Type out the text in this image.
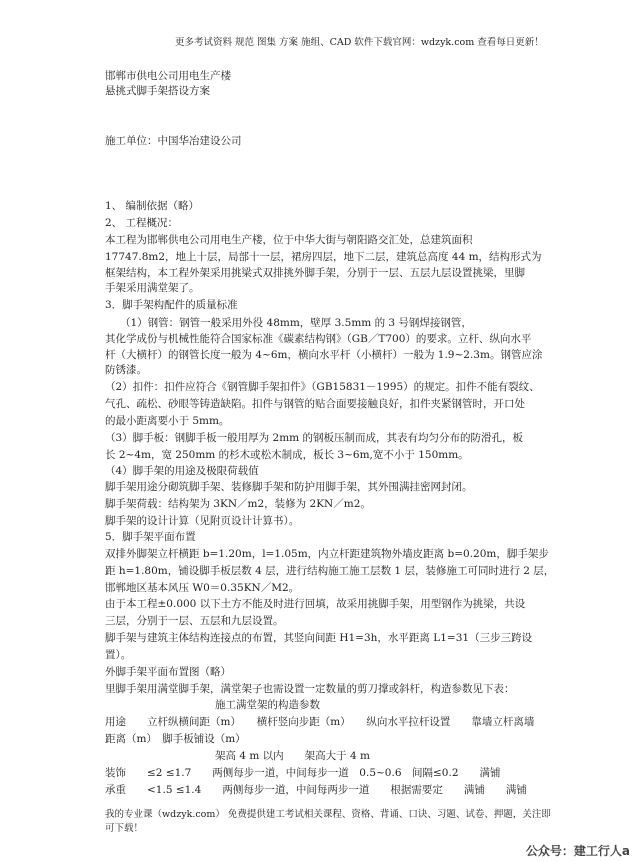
更多考试资料 规范 图集 方案 施组、CAD 软件下载官网：wdzyk.com 查看每日更新！
邯郸市供电公司用电生产楼
悬挑式脚手架搭设方案
施工单位：中国华冶建设公司
1、 编制依据（略）
2、 工程概况：
本工程为邯郸供电公司用电生产楼，位于中华大街与朝阳路交汇处，总建筑面积
17747.8m2，地上十层，局部十一层，裙房四层，地下二层，建筑总高度 44 m，结构形式为
框架结构，本工程外架采用挑梁式双排挑外脚手架，分别于一层、五层九层设置挑梁，里脚
手架采用满堂架了。
3．脚手架构配件的质量标准
（1）钢管：钢管一般采用外役 48mm，壁厚 3.5mm 的 3 号钢焊接钢管，
其化学成份与机械性能符合国家标准《碳素结构钢》（GB／T700）的要求。立杆、纵向水平
杆（大横杆）的钢管长度一般为 4~6m，横向水平杆（小横杆）一般为 1.9~2.3m。钢管应涂
防锈漆。
（2）扣件：扣件应符合《钢管脚手架扣件》（GB15831－1995）的规定。扣件不能有裂纹、
气孔、疏松、砂眼等铸造缺陷。扣件与钢管的贴合面要接触良好，扣件夹紧钢管时，开口处
的最小距离要小于 5mm。
（3）脚手板：钢脚手板一般用厚为 2mm 的钢板压制而成，其表有均匀分布的防滑孔，板
长 2~4m，宽 250mm 的杉木或松木制成，板长 3~6m,宽不小于 150mm。
（4）脚手架的用途及极限荷载值
脚手架用途分砌筑脚手架、装修脚手架和防护用脚手架，其外围满挂密网封闭。
脚手架荷载：结构架为 3KN／m2，装修为 2KN／m2。
脚手架的设计计算（见附页设计计算书）。
5．脚手架平面布置
双排外脚架立杆横距 b=1.20m，l=1.05m，内立杆距建筑物外墙皮距离 b=0.20m，脚手架步
距 h=1.80m，铺设脚手板层数 4 层，进行结构施工施工层数 1 层，装修施工可同时进行 2 层，
邯郸地区基本风压 W0＝0.35KN／M2。
由于本工程±0.000 以下土方不能及时进行回填，故采用挑脚手架，用型钢作为挑梁，共设
三层，分别于一层、五层和九层设置。
脚手架与建筑主体结构连接点的布置，其竖向间距 H1=3h，水平距离 L1=31（三步三跨设
置）。
外脚手架平面布置图（略）
里脚手架用满堂脚手架，满堂架子也需设置一定数量的剪刀撑或斜杆，构造参数见下表：
施工满堂架的构造参数
用途　　立杆纵横间距（m）　　横杆竖向步距（m）　　纵向水平拉杆设置　　靠墙立杆离墙
距离（m）　脚手板铺设（m）
架高 4 m 以内　　架高大于 4 m
装饰　　≤2 ≤1.7　　两侧每步一道，中间每步一道　0.5~0.6　间隔≤0.2　　满铺
承重　　<1.5 ≤1.4　　两侧每步一道，中间每两步一道　　根据需要定　　满铺　　满铺
我的专业课（wdzyk.com） 免费提供建工考试相关课程、资格、背诵、口诀、习题、试卷、押题，关注即
可下载！
公众号：建工行人a
